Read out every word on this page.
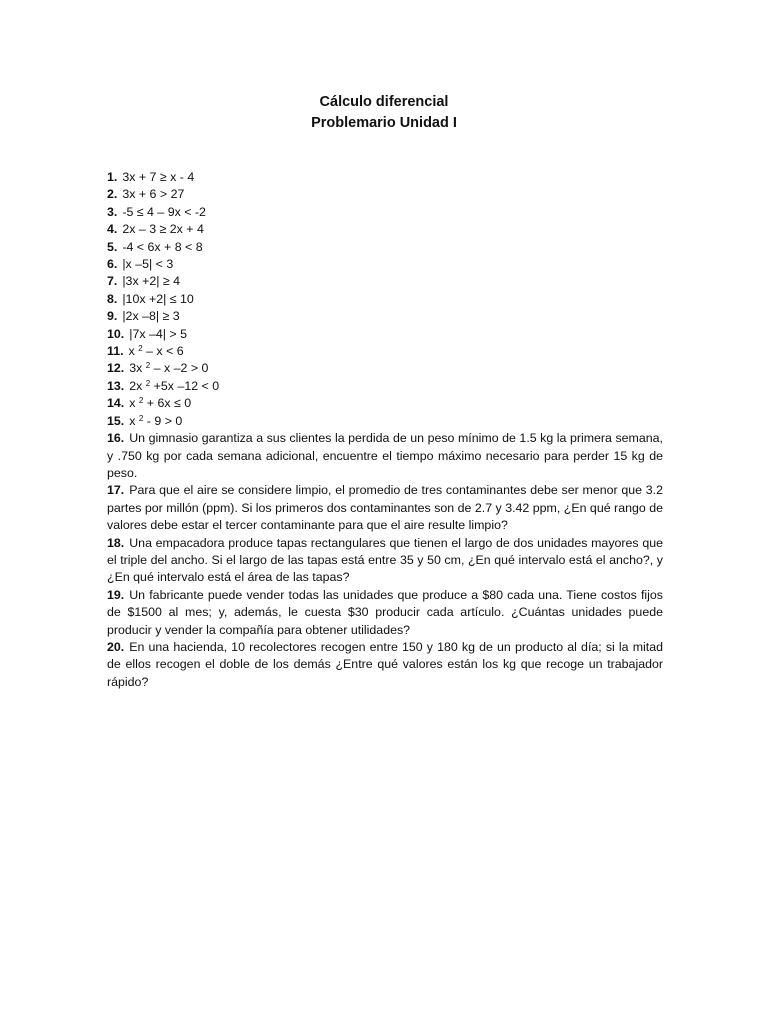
Cálculo diferencial
Problemario Unidad I
1. 3x + 7 ≥ x - 4
2. 3x + 6 > 27
3. -5 ≤ 4 – 9x < -2
4. 2x – 3 ≥ 2x + 4
5. -4 < 6x + 8 < 8
6. |x –5| < 3
7. |3x +2| ≥ 4
8. |10x +2| ≤ 10
9. |2x –8| ≥ 3
10. |7x –4| > 5
11. x $^2$ – x < 6
12. 3x $^2$ – x –2 > 0
13. 2x $^2$ +5x –12 < 0
14. x $^2$ + 6x ≤ 0
15. x $^2$ - 9 > 0
16. Un gimnasio garantiza a sus clientes la perdida de un peso mínimo de 1.5 kg la primera semana, y .750 kg por cada semana adicional, encuentre el tiempo máximo necesario para perder 15 kg de peso.
17. Para que el aire se considere limpio, el promedio de tres contaminantes debe ser menor que 3.2 partes por millón (ppm). Si los primeros dos contaminantes son de 2.7 y 3.42 ppm, ¿En qué rango de valores debe estar el tercer contaminante para que el aire resulte limpio?
18. Una empacadora produce tapas rectangulares que tienen el largo de dos unidades mayores que el triple del ancho. Si el largo de las tapas está entre 35 y 50 cm, ¿En qué intervalo está el ancho?, y ¿En qué intervalo está el área de las tapas?
19. Un fabricante puede vender todas las unidades que produce a $80 cada una. Tiene costos fijos de $1500 al mes; y, además, le cuesta $30 producir cada artículo. ¿Cuántas unidades puede producir y vender la compañía para obtener utilidades?
20. En una hacienda, 10 recolectores recogen entre 150 y 180 kg de un producto al día; si la mitad de ellos recogen el doble de los demás ¿Entre qué valores están los kg que recoge un trabajador rápido?
